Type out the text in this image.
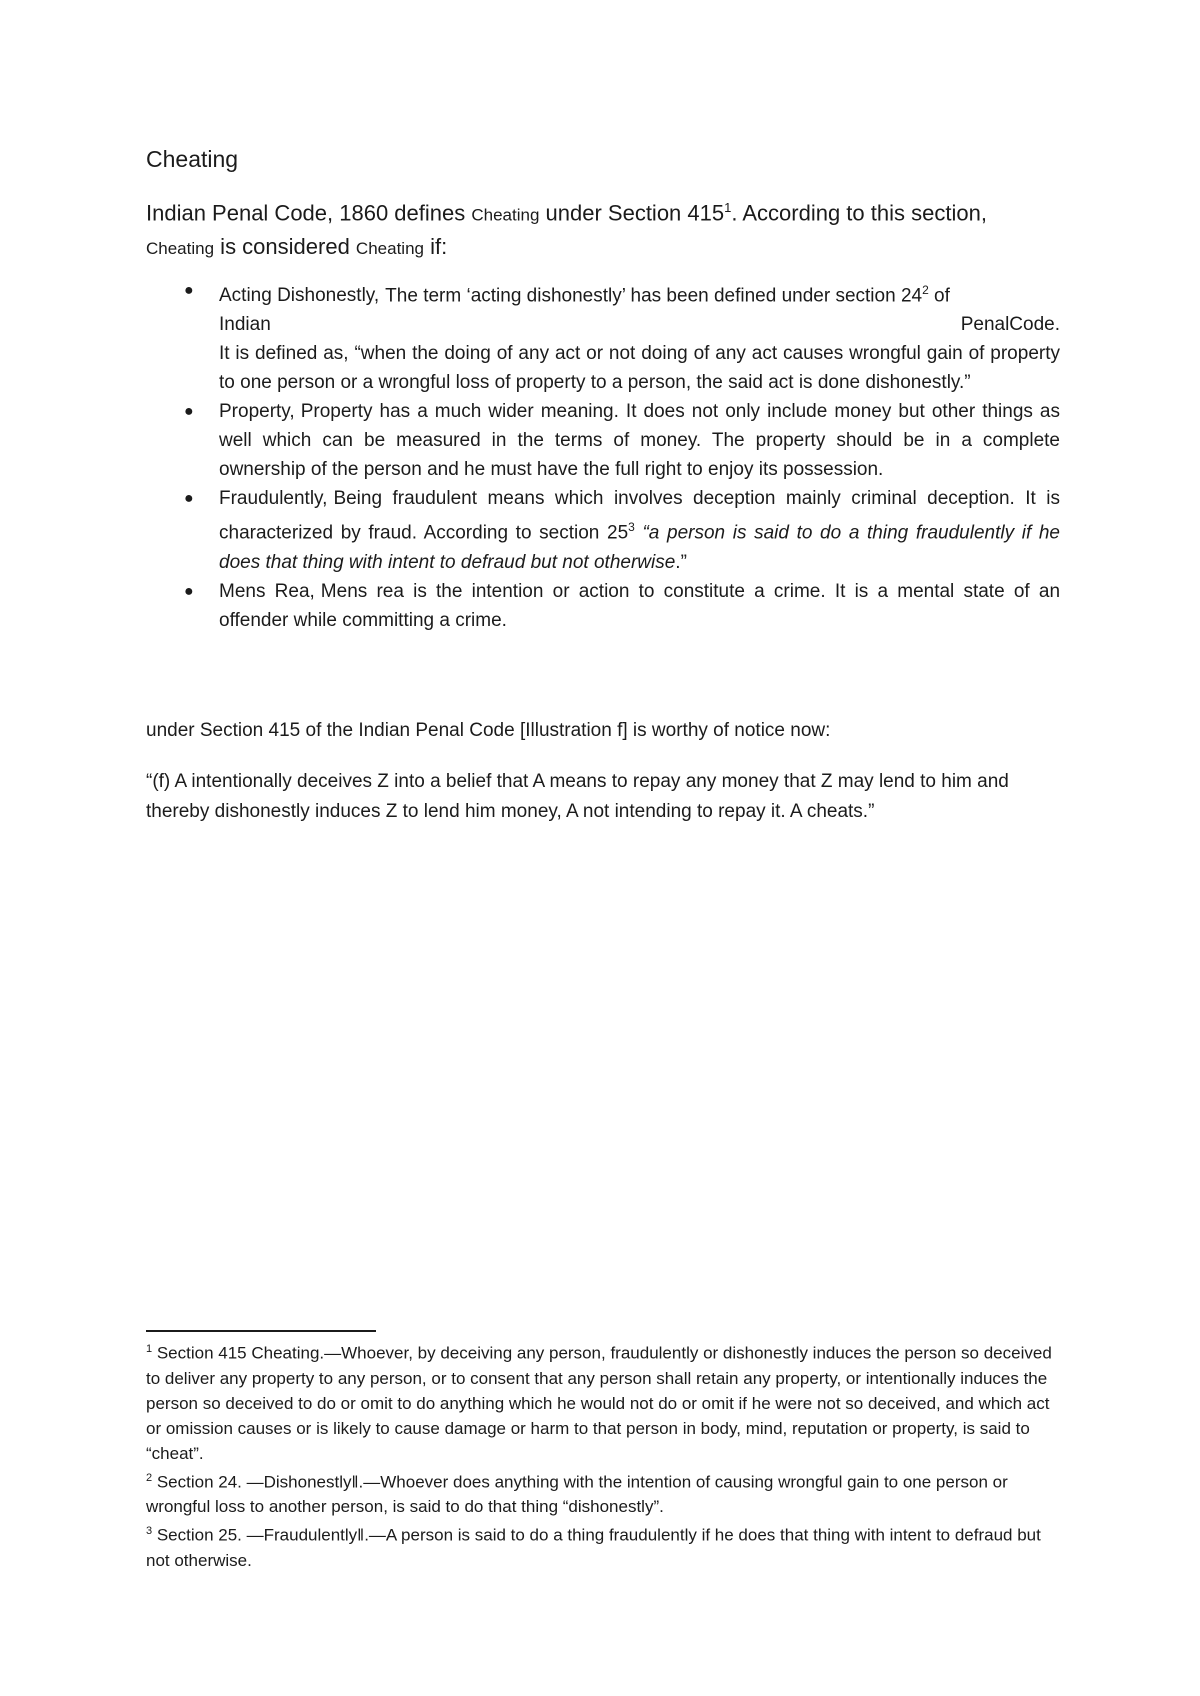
Cheating
Indian Penal Code, 1860 defines Cheating under Section $415^1$. According to this section,
Cheating is considered Cheating if:
● Acting Dishonestly, The term ‘acting dishonestly’ has been defined under section $24^2$ of
Indian	PenalCode.
It is defined as, “when the doing of any act or not doing of any act causes wrongful gain of property to one person or a wrongful loss of property to a person, the said act is done dishonestly.”
● Property, Property has a much wider meaning. It does not only include money but other things as well which can be measured in the terms of money. The property should be in a complete ownership of the person and he must have the full right to enjoy its possession.
● Fraudulently, Being fraudulent means which involves deception mainly criminal deception. It is characterized by fraud. According to section $25^3$ “a person is said to do a thing fraudulently if he does that thing with intent to defraud but not otherwise.”
● Mens Rea, Mens rea is the intention or action to constitute a crime. It is a mental state of an offender while committing a crime.
under Section 415 of the Indian Penal Code [Illustration f] is worthy of notice now:
“(f) A intentionally deceives Z into a belief that A means to repay any money that Z may lend to him and thereby dishonestly induces Z to lend him money, A not intending to repay it. A cheats.”

$^1$ Section 415 Cheating.—Whoever, by deceiving any person, fraudulently or dishonestly induces the person so deceived to deliver any property to any person, or to consent that any person shall retain any property, or intentionally induces the person so deceived to do or omit to do anything which he would not do or omit if he were not so deceived, and which act or omission causes or is likely to cause damage or harm to that person in body, mind, reputation or property, is said to “cheat”.

$^2$ Section 24. —Dishonestly‖.—Whoever does anything with the intention of causing wrongful gain to one person or wrongful loss to another person, is said to do that thing “dishonestly”.

$^3$ Section 25. —Fraudulently‖.—A person is said to do a thing fraudulently if he does that thing with intent to defraud but not otherwise.
